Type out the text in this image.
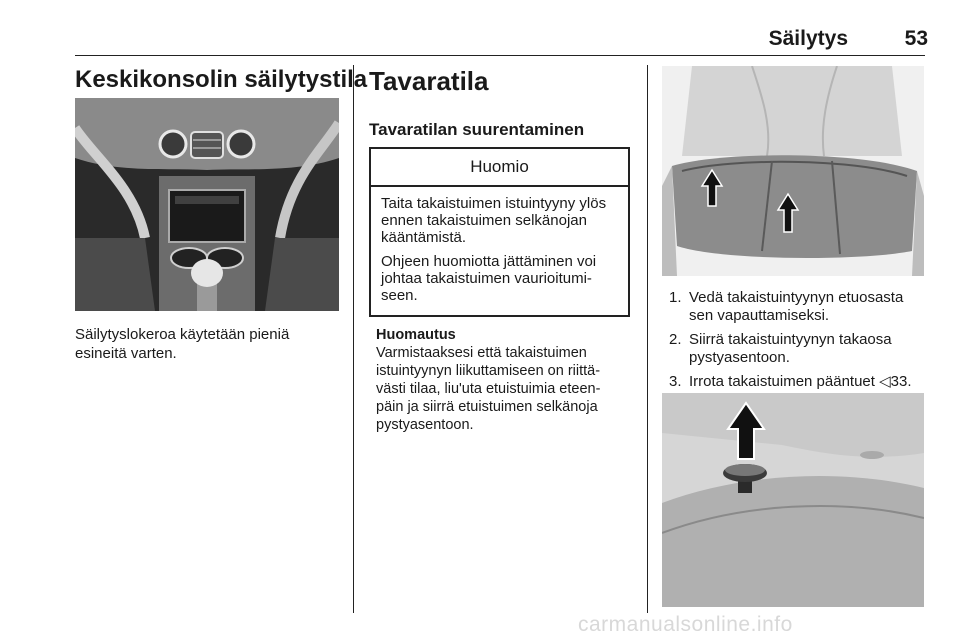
Säilytys	53
Keskikonsolin säilytystila
Säilytyslokeroa käytetään pieniä
esineitä varten.
Tavaratila
Tavaratilan suurentaminen
Huomio

Taita takaistuimen istuintyyny ylös
ennen takaistuimen selkänojan
kääntämistä.

Ohjeen huomiotta jättäminen voi
johtaa takaistuimen vaurioitumi-
seen.

Huomautus
Varmistaaksesi että takaistuimen
istuintyynyn liikuttamiseen on riittä-
västi tilaa, liu'uta etuistuimia eteen-
päin ja siirrä etuistuimen selkänoja
pystyasentoon.
1. Vedä takaistuintyynyn etuosasta
sen vapauttamiseksi.
2. Siirrä takaistuintyynyn takaosa
pystyasentoon.
3. Irrota takaistuimen pääntuet ◁33.
carmanualsonline.info
